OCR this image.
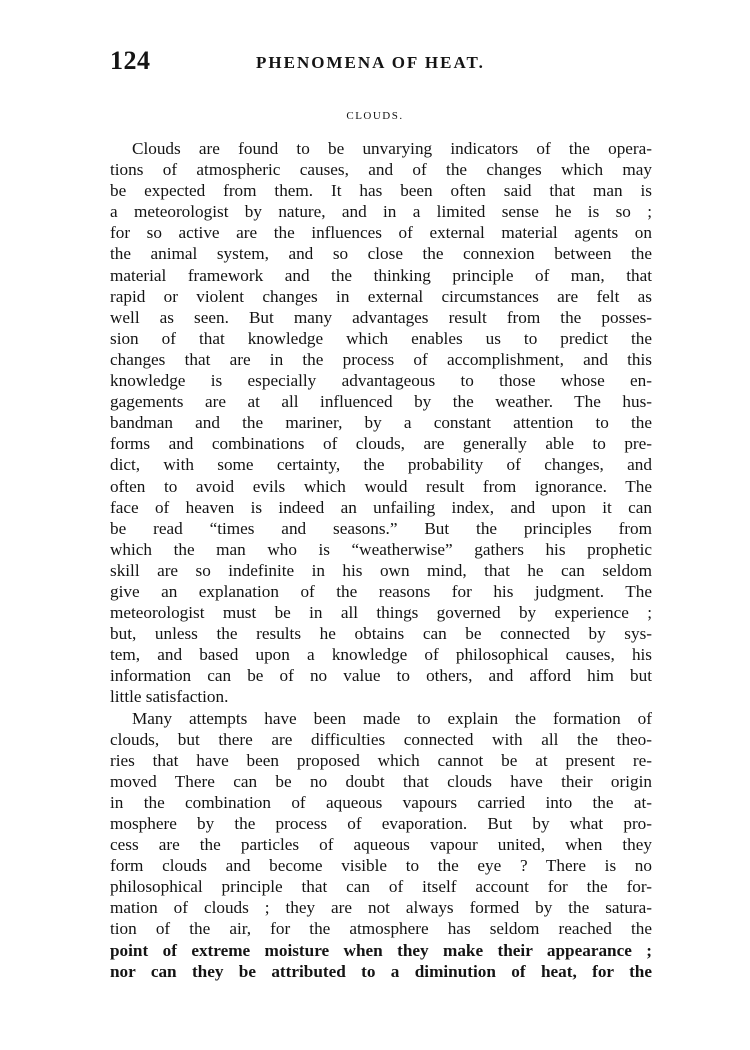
124	PHENOMENA OF HEAT.
CLOUDS.
Clouds are found to be unvarying indicators of the opera-
tions of atmospheric causes, and of the changes which may
be expected from them. It has been often said that man is
a meteorologist by nature, and in a limited sense he is so ;
for so active are the influences of external material agents on
the animal system, and so close the connexion between the
material framework and the thinking principle of man, that
rapid or violent changes in external circumstances are felt as
well as seen. But many advantages result from the posses-
sion of that knowledge which enables us to predict the
changes that are in the process of accomplishment, and this
knowledge is especially advantageous to those whose en-
gagements are at all influenced by the weather. The hus-
bandman and the mariner, by a constant attention to the
forms and combinations of clouds, are generally able to pre-
dict, with some certainty, the probability of changes, and
often to avoid evils which would result from ignorance. The
face of heaven is indeed an unfailing index, and upon it can
be read “times and seasons.” But the principles from
which the man who is “weatherwise” gathers his prophetic
skill are so indefinite in his own mind, that he can seldom
give an explanation of the reasons for his judgment. The
meteorologist must be in all things governed by experience ;
but, unless the results he obtains can be connected by sys-
tem, and based upon a knowledge of philosophical causes, his
information can be of no value to others, and afford him but
little satisfaction.
Many attempts have been made to explain the formation of
clouds, but there are difficulties connected with all the theo-
ries that have been proposed which cannot be at present re-
moved There can be no doubt that clouds have their origin
in the combination of aqueous vapours carried into the at-
mosphere by the process of evaporation. But by what pro-
cess are the particles of aqueous vapour united, when they
form clouds and become visible to the eye ? There is no
philosophical principle that can of itself account for the for-
mation of clouds ; they are not always formed by the satura-
tion of the air, for the atmosphere has seldom reached the
point of extreme moisture when they make their appearance ;
nor can they be attributed to a diminution of heat, for the
